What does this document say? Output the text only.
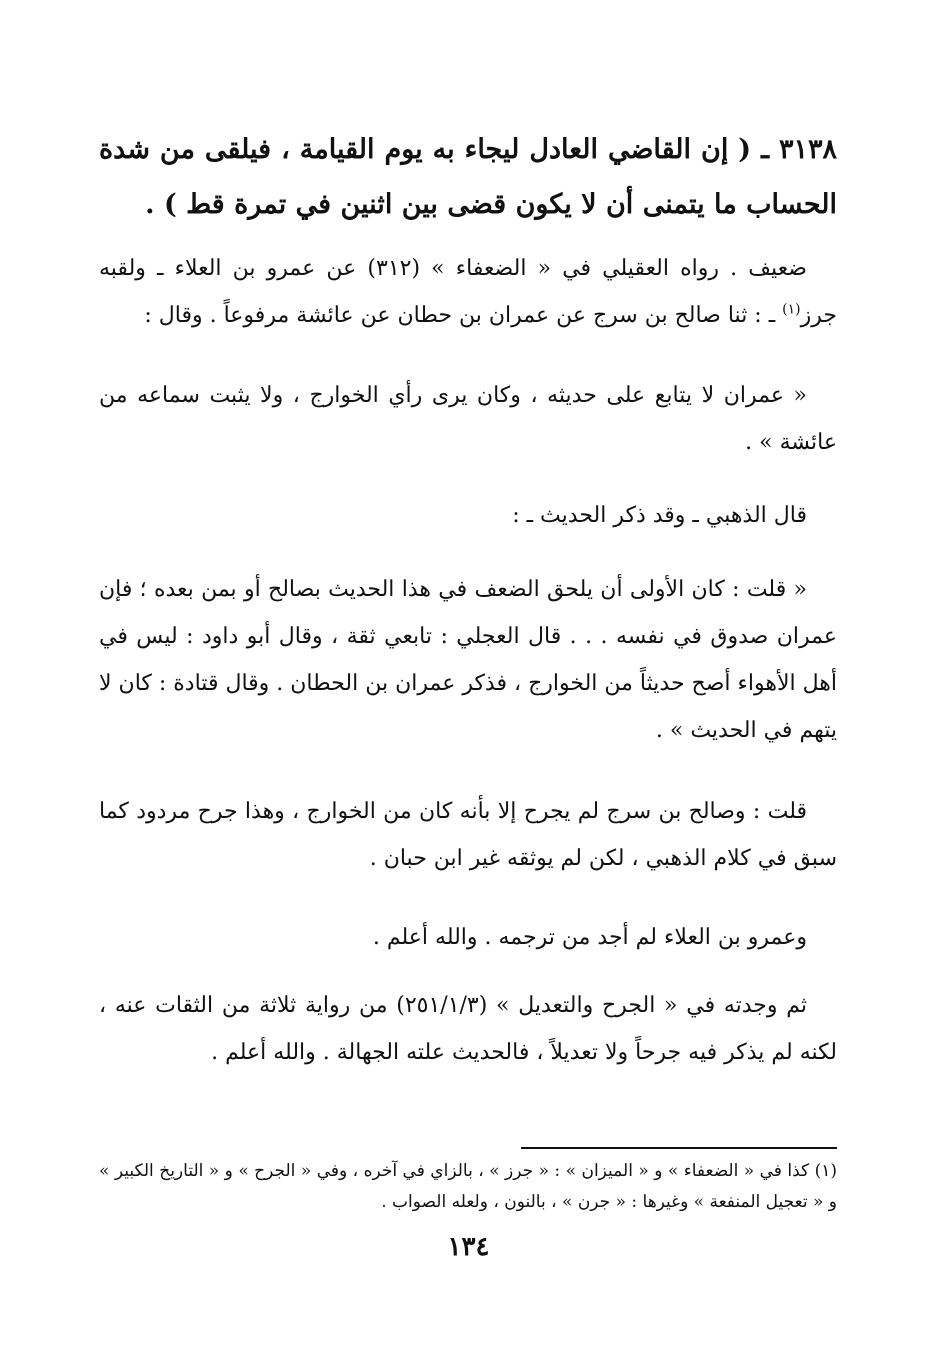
٣١٣٨ ـ ( إن القاضي العادل ليجاء به يوم القيامة ، فيلقى من شدة الحساب ما يتمنى أن لا يكون قضى بين اثنين في تمرة قط ) .
ضعيف . رواه العقيلي في « الضعفاء » (٣١٢) عن عمرو بن العلاء ـ ولقبه جرز$^{(١)}$ ـ : ثنا صالح بن سرج عن عمران بن حطان عن عائشة مرفوعاً . وقال :
« عمران لا يتابع على حديثه ، وكان يرى رأي الخوارج ، ولا يثبت سماعه من عائشة » .
قال الذهبي ـ وقد ذكر الحديث ـ :
« قلت : كان الأولى أن يلحق الضعف في هذا الحديث بصالح أو بمن بعده ؛ فإن عمران صدوق في نفسه . . . قال العجلي : تابعي ثقة ، وقال أبو داود : ليس في أهل الأهواء أصح حديثاً من الخوارج ، فذكر عمران بن الحطان . وقال قتادة : كان لا يتهم في الحديث » .
قلت : وصالح بن سرج لم يجرح إلا بأنه كان من الخوارج ، وهذا جرح مردود كما سبق في كلام الذهبي ، لكن لم يوثقه غير ابن حبان .
وعمرو بن العلاء لم أجد من ترجمه . والله أعلم .
ثم وجدته في « الجرح والتعديل » (٢٥١/١/٣) من رواية ثلاثة من الثقات عنه ، لكنه لم يذكر فيه جرحاً ولا تعديلاً ، فالحديث علته الجهالة . والله أعلم .
(١) كذا في « الضعفاء » و « الميزان » : « جرز » ، بالزاي في آخره ، وفي « الجرح » و « التاريخ الكبير » و « تعجيل المنفعة » وغيرها : « جرن » ، بالنون ، ولعله الصواب .
١٣٤
